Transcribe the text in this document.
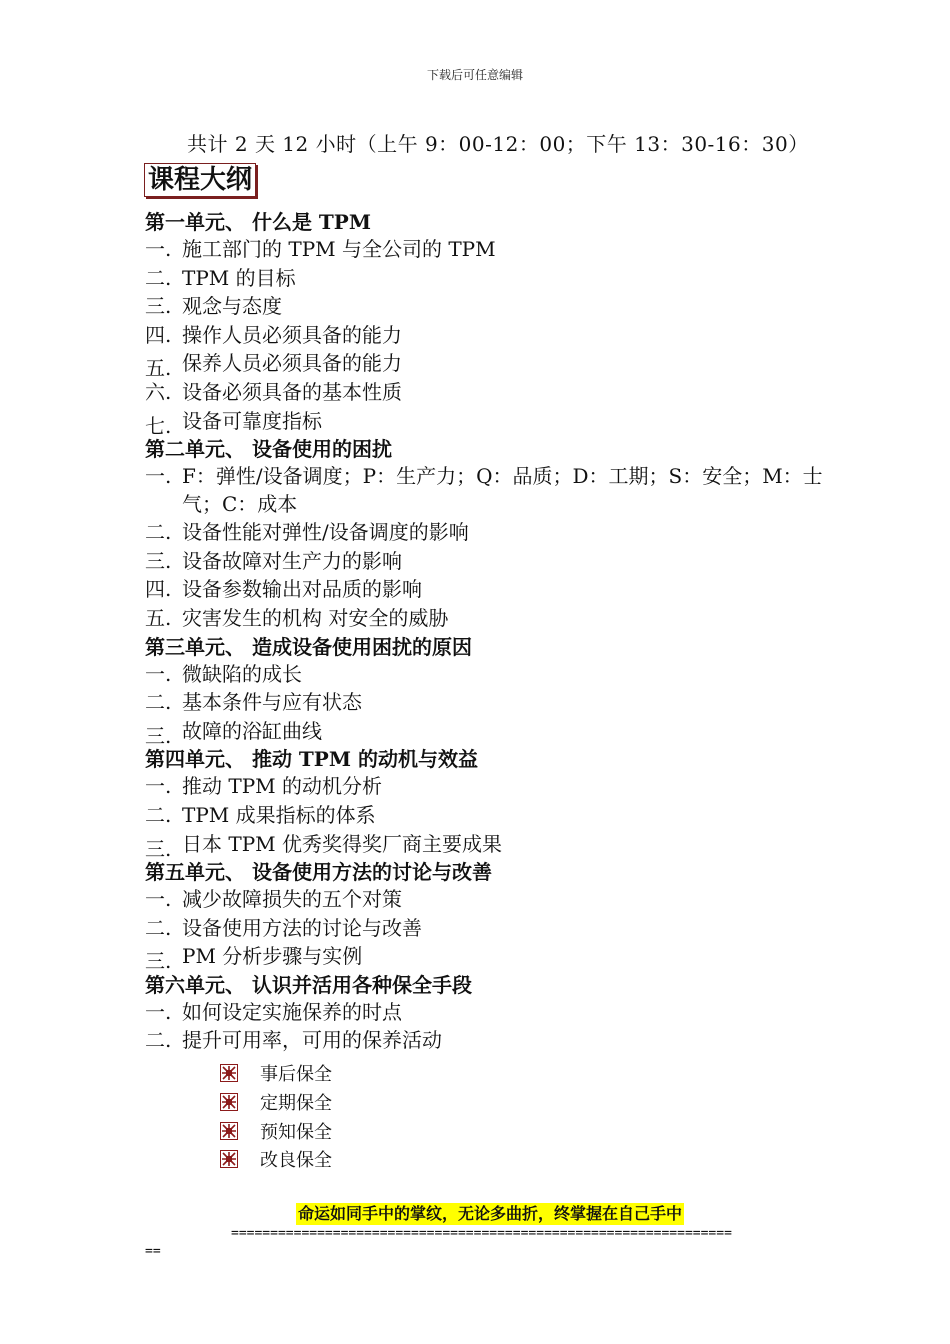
下载后可任意编辑
共计 2 天 12 小时（上午 9：00-12：00；下午 13：30-16：30）
课程大纲
第一单元、 什么是 TPM
一. 施工部门的 TPM 与全公司的 TPM
二. TPM 的目标
三. 观念与态度
四. 操作人员必须具备的能力
五. 保养人员必须具备的能力
六. 设备必须具备的基本性质
七. 设备可靠度指标
第二单元、 设备使用的困扰
一. F：弹性/设备调度；P：生产力；Q：品质；D：工期；S：安全；M：士气；C：成本
二. 设备性能对弹性/设备调度的影响
三. 设备故障对生产力的影响
四. 设备参数输出对品质的影响
五. 灾害发生的机构 对安全的威胁
第三单元、 造成设备使用困扰的原因
一. 微缺陷的成长
二. 基本条件与应有状态
三. 故障的浴缸曲线
第四单元、 推动 TPM 的动机与效益
一. 推动 TPM 的动机分析
二. TPM 成果指标的体系
三. 日本 TPM 优秀奖得奖厂商主要成果
第五单元、 设备使用方法的讨论与改善
一. 减少故障损失的五个对策
二. 设备使用方法的讨论与改善
三. PM 分析步骤与实例
第六单元、 认识并活用各种保全手段
一. 如何设定实施保养的时点
二. 提升可用率，可用的保养活动
事后保全
定期保全
预知保全
改良保全
命运如同手中的掌纹，无论多曲折，终掌握在自己手中
================================================================
==
